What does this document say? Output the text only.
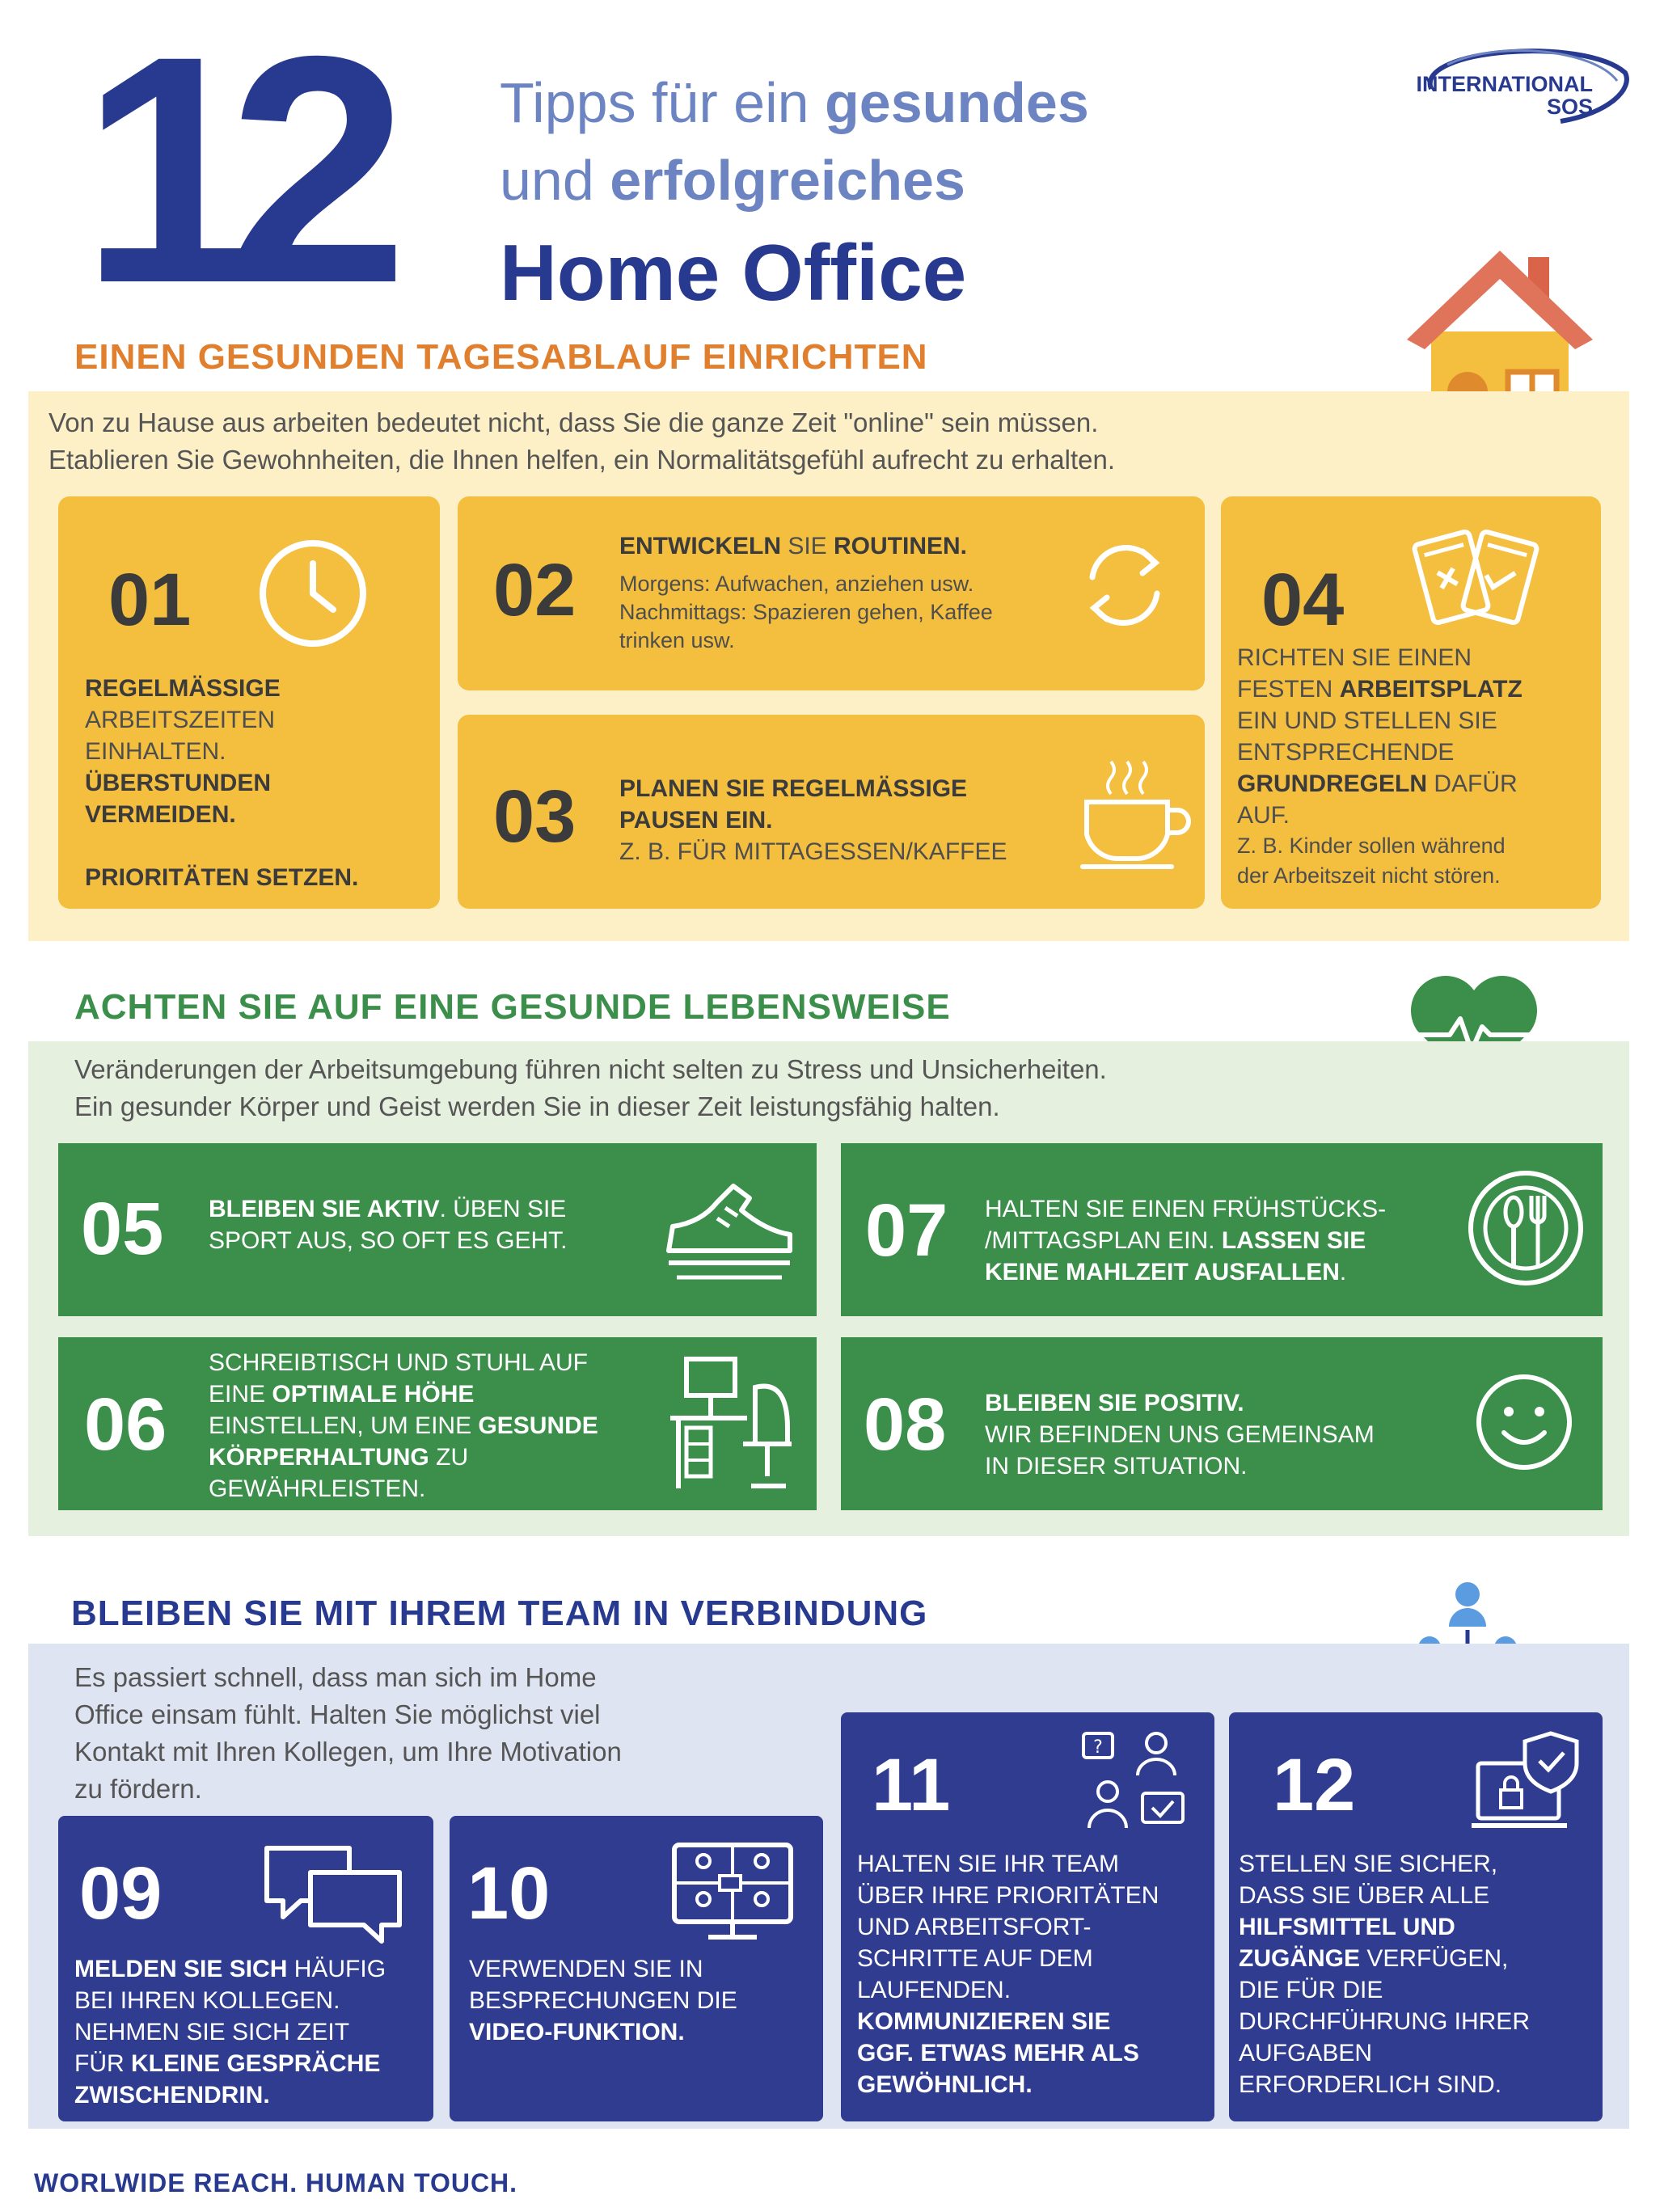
12 Tipps für ein gesundes
und erfolgreiches
Home Office
INTERNATIONAL
SOS
EINEN GESUNDEN TAGESABLAUF EINRICHTEN
Von zu Hause aus arbeiten bedeutet nicht, dass Sie die ganze Zeit "online" sein müssen.
Etablieren Sie Gewohnheiten, die Ihnen helfen, ein Normalitätsgefühl aufrecht zu erhalten.
01
REGELMÄSSIGE
ARBEITSZEITEN
EINHALTEN.
ÜBERSTUNDEN
VERMEIDEN.
PRIORITÄTEN SETZEN.
02
ENTWICKELN SIE ROUTINEN.
Morgens: Aufwachen, anziehen usw.
Nachmittags: Spazieren gehen, Kaffee
trinken usw.
03 PLANEN SIE REGELMÄSSIGE
PAUSEN EIN.
Z. B. FÜR MITTAGESSEN/KAFFEE
04
RICHTEN SIE EINEN
FESTEN ARBEITSPLATZ
EIN UND STELLEN SIE
ENTSPRECHENDE
GRUNDREGELN DAFÜR
AUF.
Z. B. Kinder sollen während
der Arbeitszeit nicht stören.
ACHTEN SIE AUF EINE GESUNDE LEBENSWEISE
Veränderungen der Arbeitsumgebung führen nicht selten zu Stress und Unsicherheiten.
Ein gesunder Körper und Geist werden Sie in dieser Zeit leistungsfähig halten.
05 BLEIBEN SIE AKTIV. ÜBEN SIE
SPORT AUS, SO OFT ES GEHT.
06
SCHREIBTISCH UND STUHL AUF
EINE OPTIMALE HÖHE
EINSTELLEN, UM EINE GESUNDE
KÖRPERHALTUNG ZU
GEWÄHRLEISTEN.
07 HALTEN SIE EINEN FRÜHSTÜCKS-
/MITTAGSPLAN EIN. LASSEN SIE
KEINE MAHLZEIT AUSFALLEN.
08 BLEIBEN SIE POSITIV.
WIR BEFINDEN UNS GEMEINSAM
IN DIESER SITUATION.
BLEIBEN SIE MIT IHREM TEAM IN VERBINDUNG
Es passiert schnell, dass man sich im Home
Office einsam fühlt. Halten Sie möglichst viel
Kontakt mit Ihren Kollegen, um Ihre Motivation
zu fördern.
09
MELDEN SIE SICH HÄUFIG
BEI IHREN KOLLEGEN.
NEHMEN SIE SICH ZEIT
FÜR KLEINE GESPRÄCHE
ZWISCHENDRIN.
10
VERWENDEN SIE IN
BESPRECHUNGEN DIE
VIDEO-FUNKTION.
11	?
HALTEN SIE IHR TEAM
ÜBER IHRE PRIORITÄTEN
UND ARBEITSFORT-
SCHRITTE AUF DEM
LAUFENDEN.
KOMMUNIZIEREN SIE
GGF. ETWAS MEHR ALS
GEWÖHNLICH.
12
STELLEN SIE SICHER,
DASS SIE ÜBER ALLE
HILFSMITTEL UND
ZUGÄNGE VERFÜGEN,
DIE FÜR DIE
DURCHFÜHRUNG IHRER
AUFGABEN
ERFORDERLICH SIND.
WORLWIDE REACH. HUMAN TOUCH.
